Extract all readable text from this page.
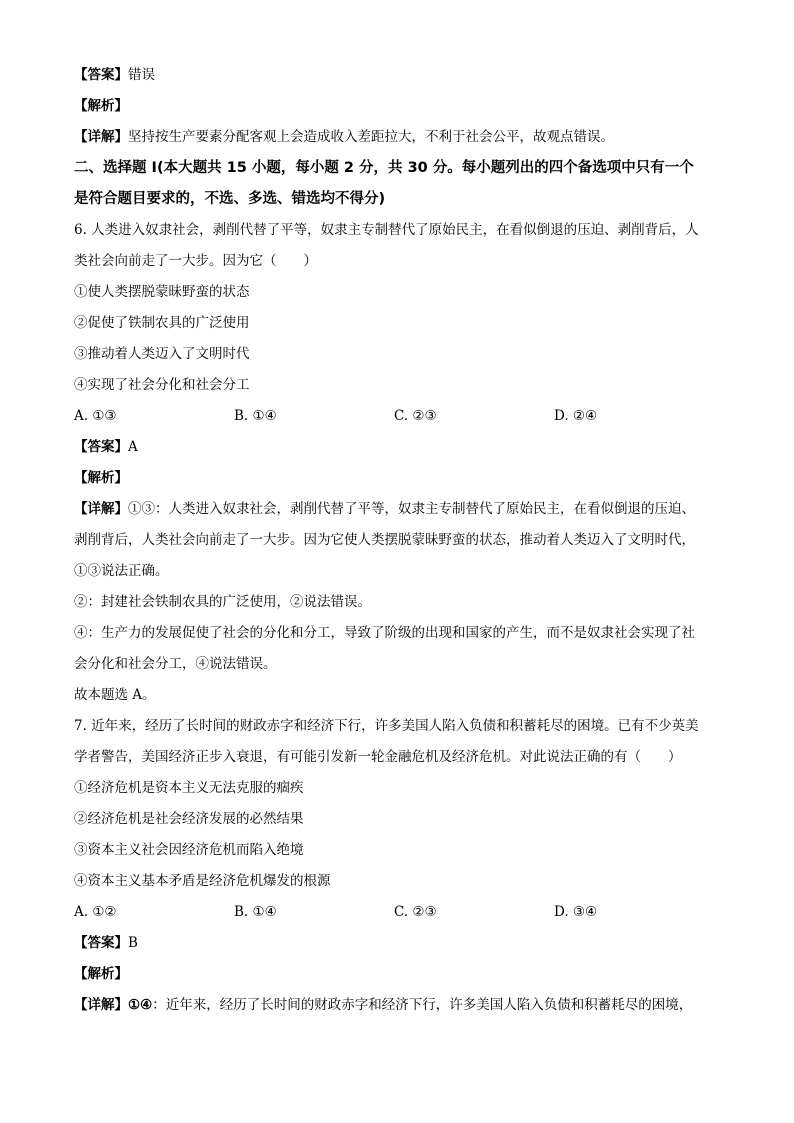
【答案】错误
【解析】
【详解】坚持按生产要素分配客观上会造成收入差距拉大，不利于社会公平，故观点错误。
二、选择题 I(本大题共 15 小题，每小题 2 分，共 30 分。每小题列出的四个备选项中只有一个
是符合题目要求的，不选、多选、错选均不得分)
6. 人类进入奴隶社会，剥削代替了平等，奴隶主专制替代了原始民主，在看似倒退的压迫、剥削背后，人
类社会向前走了一大步。因为它（　　）
①使人类摆脱蒙昧野蛮的状态
②促使了铁制农具的广泛使用
③推动着人类迈入了文明时代
④实现了社会分化和社会分工
A. ①③	B. ①④	C. ②③	D. ②④
【答案】A
【解析】
【详解】①③：人类进入奴隶社会，剥削代替了平等，奴隶主专制替代了原始民主，在看似倒退的压迫、
剥削背后，人类社会向前走了一大步。因为它使人类摆脱蒙昧野蛮的状态，推动着人类迈入了文明时代，
①③说法正确。
②：封建社会铁制农具的广泛使用，②说法错误。
④：生产力的发展促使了社会的分化和分工，导致了阶级的出现和国家的产生，而不是奴隶社会实现了社
会分化和社会分工，④说法错误。
故本题选 A。
7. 近年来，经历了长时间的财政赤字和经济下行，许多美国人陷入负债和积蓄耗尽的困境。已有不少英美
学者警告，美国经济正步入衰退，有可能引发新一轮金融危机及经济危机。对此说法正确的有（　　）
①经济危机是资本主义无法克服的痼疾
②经济危机是社会经济发展的必然结果
③资本主义社会因经济危机而陷入绝境
④资本主义基本矛盾是经济危机爆发的根源
A. ①②	B. ①④	C. ②③	D. ③④
【答案】B
【解析】
【详解】①④：近年来，经历了长时间的财政赤字和经济下行，许多美国人陷入负债和积蓄耗尽的困境，
